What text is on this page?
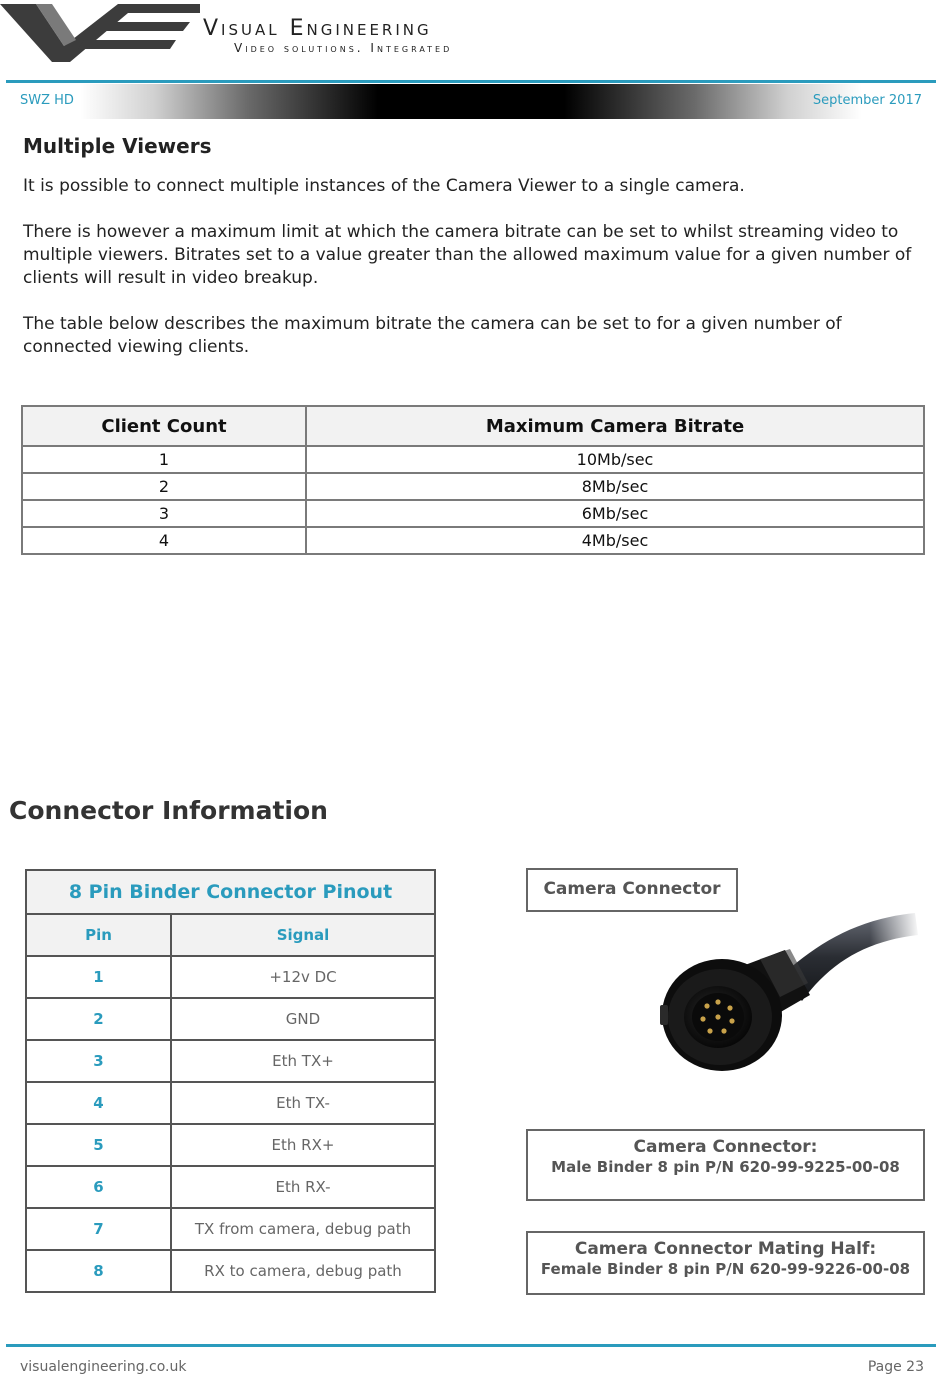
Visual Engineering
Video solutions. Integrated
SWZ HD	September 2017
Multiple Viewers
It is possible to connect multiple instances of the Camera Viewer to a single camera.
There is however a maximum limit at which the camera bitrate can be set to whilst streaming video to multiple viewers. Bitrates set to a value greater than the allowed maximum value for a given number of clients will result in video breakup.
The table below describes the maximum bitrate the camera can be set to for a given number of connected viewing clients.
Client Count	Maximum Camera Bitrate
1	10Mb/sec
2	8Mb/sec
3	6Mb/sec
4	4Mb/sec
Connector Information
8 Pin Binder Connector Pinout	
Pin	Signal
1	+12v DC
2	GND
3	Eth TX+
4	Eth TX-
5	Eth RX+
6	Eth RX-
7	TX from camera, debug path
8	RX to camera, debug path
Camera Connector
Camera Connector:
Male Binder 8 pin P/N 620-99-9225-00-08
Camera Connector Mating Half:
Female Binder 8 pin P/N 620-99-9226-00-08
visualengineering.co.uk	Page 23
